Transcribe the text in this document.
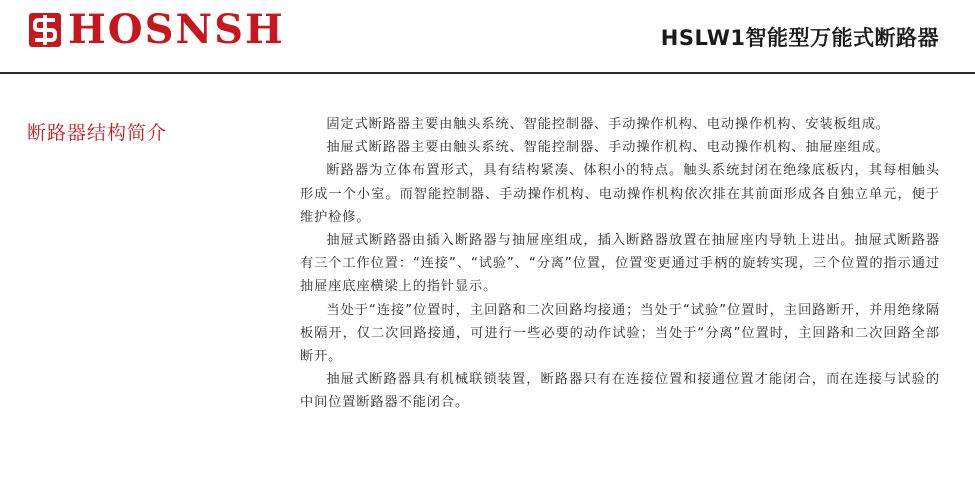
HOSNSH	HSLW1智能型万能式断路器
断路器结构简介	固定式断路器主要由触头系统、智能控制器、手动操作机构、电动操作机构、安装板组成。

抽屉式断路器主要由触头系统、智能控制器、手动操作机构、电动操作机构、抽屉座组成。

断路器为立体布置形式，具有结构紧凑、体积小的特点。触头系统封闭在绝缘底板内，其每相触头形成一个小室。而智能控制器、手动操作机构、电动操作机构依次排在其前面形成各自独立单元，便于维护检修。

抽屉式断路器由插入断路器与抽屉座组成，插入断路器放置在抽屉座内导轨上进出。抽屉式断路器有三个工作位置：“连接”、“试验”、“分离”位置，位置变更通过手柄的旋转实现，三个位置的指示通过抽屉座底座横梁上的指针显示。

当处于“连接”位置时，主回路和二次回路均接通；当处于“试验”位置时，主回路断开，并用绝缘隔板隔开，仅二次回路接通，可进行一些必要的动作试验；当处于“分离”位置时，主回路和二次回路全部断开。

抽屉式断路器具有机械联锁装置，断路器只有在连接位置和接通位置才能闭合，而在连接与试验的中间位置断路器不能闭合。
